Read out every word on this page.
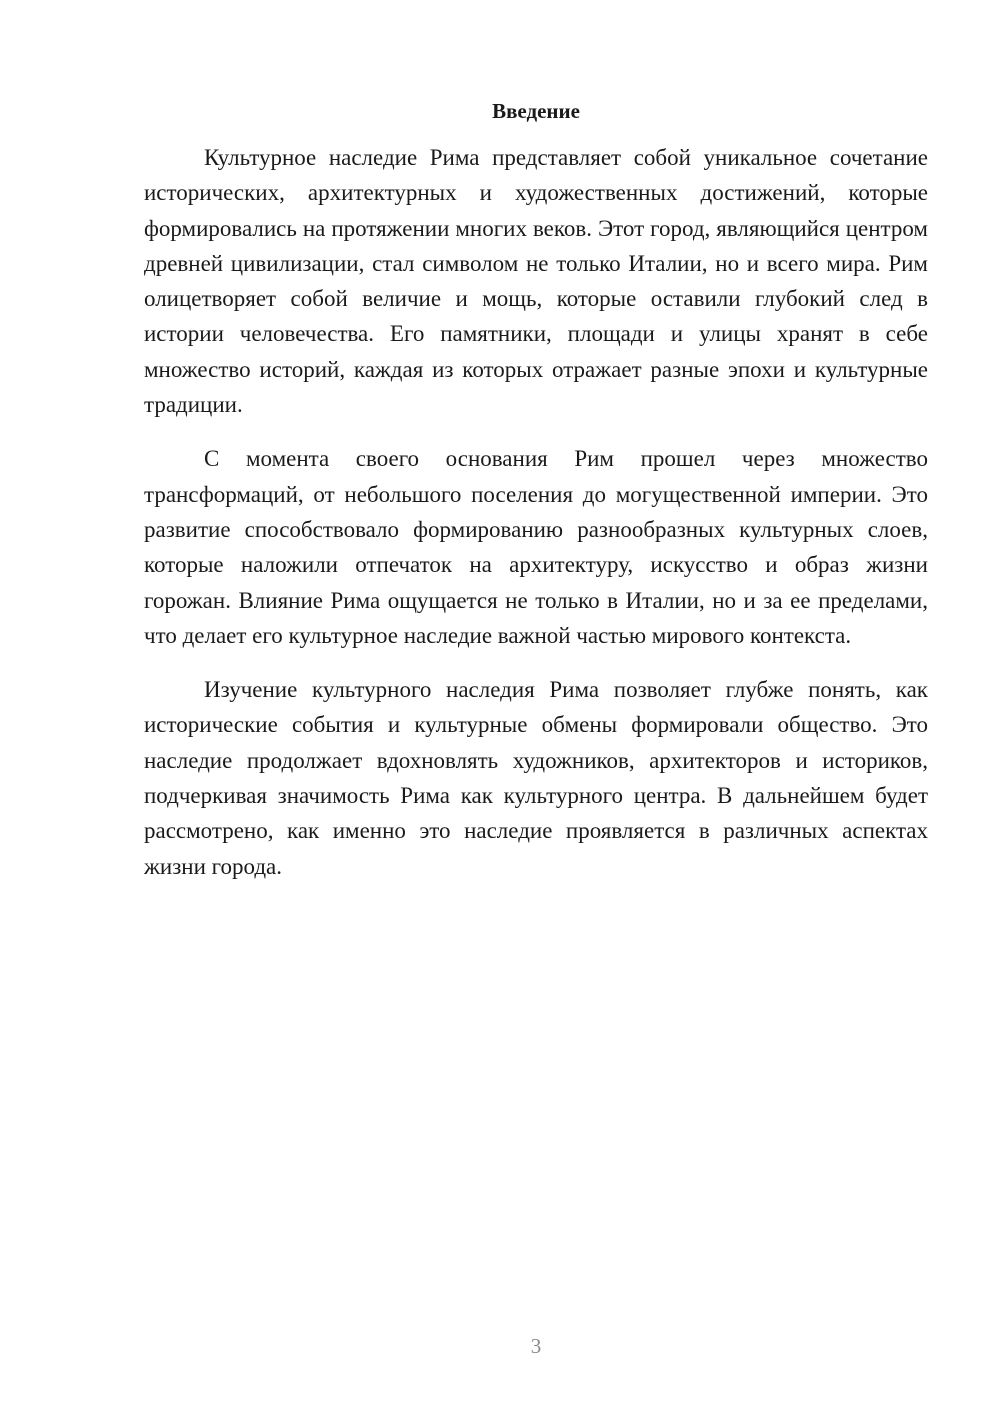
Введение

Культурное наследие Рима представляет собой уникальное сочетание исторических, архитектурных и художественных достижений, которые формировались на протяжении многих веков. Этот город, являющийся центром древней цивилизации, стал символом не только Италии, но и всего мира. Рим олицетворяет собой величие и мощь, которые оставили глубокий след в истории человечества. Его памятники, площади и улицы хранят в себе множество историй, каждая из которых отражает разные эпохи и культурные традиции.

С момента своего основания Рим прошел через множество трансформаций, от небольшого поселения до могущественной империи. Это развитие способствовало формированию разнообразных культурных слоев, которые наложили отпечаток на архитектуру, искусство и образ жизни горожан. Влияние Рима ощущается не только в Италии, но и за ее пределами, что делает его культурное наследие важной частью мирового контекста.

Изучение культурного наследия Рима позволяет глубже понять, как исторические события и культурные обмены формировали общество. Это наследие продолжает вдохновлять художников, архитекторов и историков, подчеркивая значимость Рима как культурного центра. В дальнейшем будет рассмотрено, как именно это наследие проявляется в различных аспектах жизни города.

3
